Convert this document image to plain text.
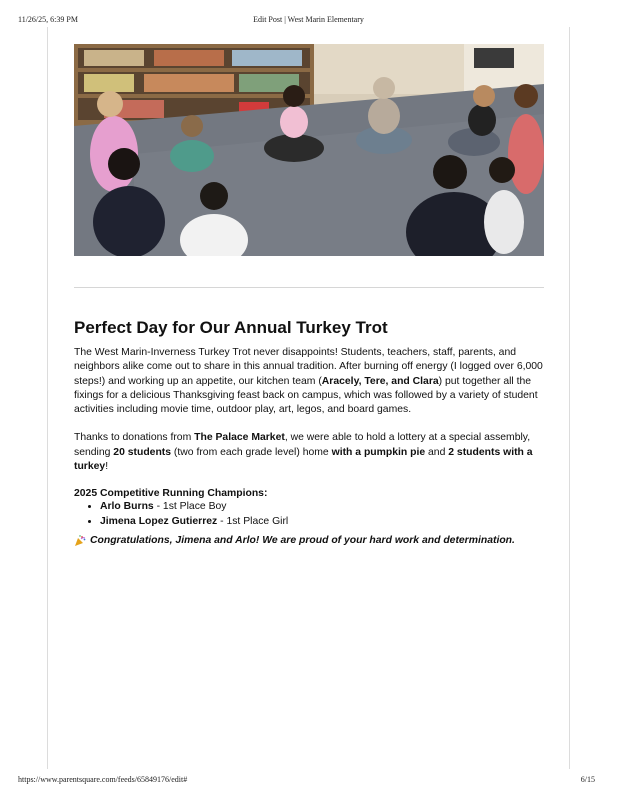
11/26/25, 6:39 PM	Edit Post | West Marin Elementary
Perfect Day for Our Annual Turkey Trot

The West Marin-Inverness Turkey Trot never disappoints! Students, teachers, staff, parents, and neighbors alike come out to share in this annual tradition. After burning off energy (I logged over 6,000 steps!) and working up an appetite, our kitchen team (Aracely, Tere, and Clara) put together all the fixings for a delicious Thanksgiving feast back on campus, which was followed by a variety of student activities including movie time, outdoor play, art, legos, and board games.

Thanks to donations from The Palace Market, we were able to hold a lottery at a special assembly, sending 20 students (two from each grade level) home with a pumpkin pie and 2 students with a turkey!

2025 Competitive Running Champions:
• Arlo Burns - 1st Place Boy
• Jimena Lopez Gutierrez - 1st Place Girl
Congratulations, Jimena and Arlo! We are proud of your hard work and determination.
https://www.parentsquare.com/feeds/65849176/edit#	6/15
